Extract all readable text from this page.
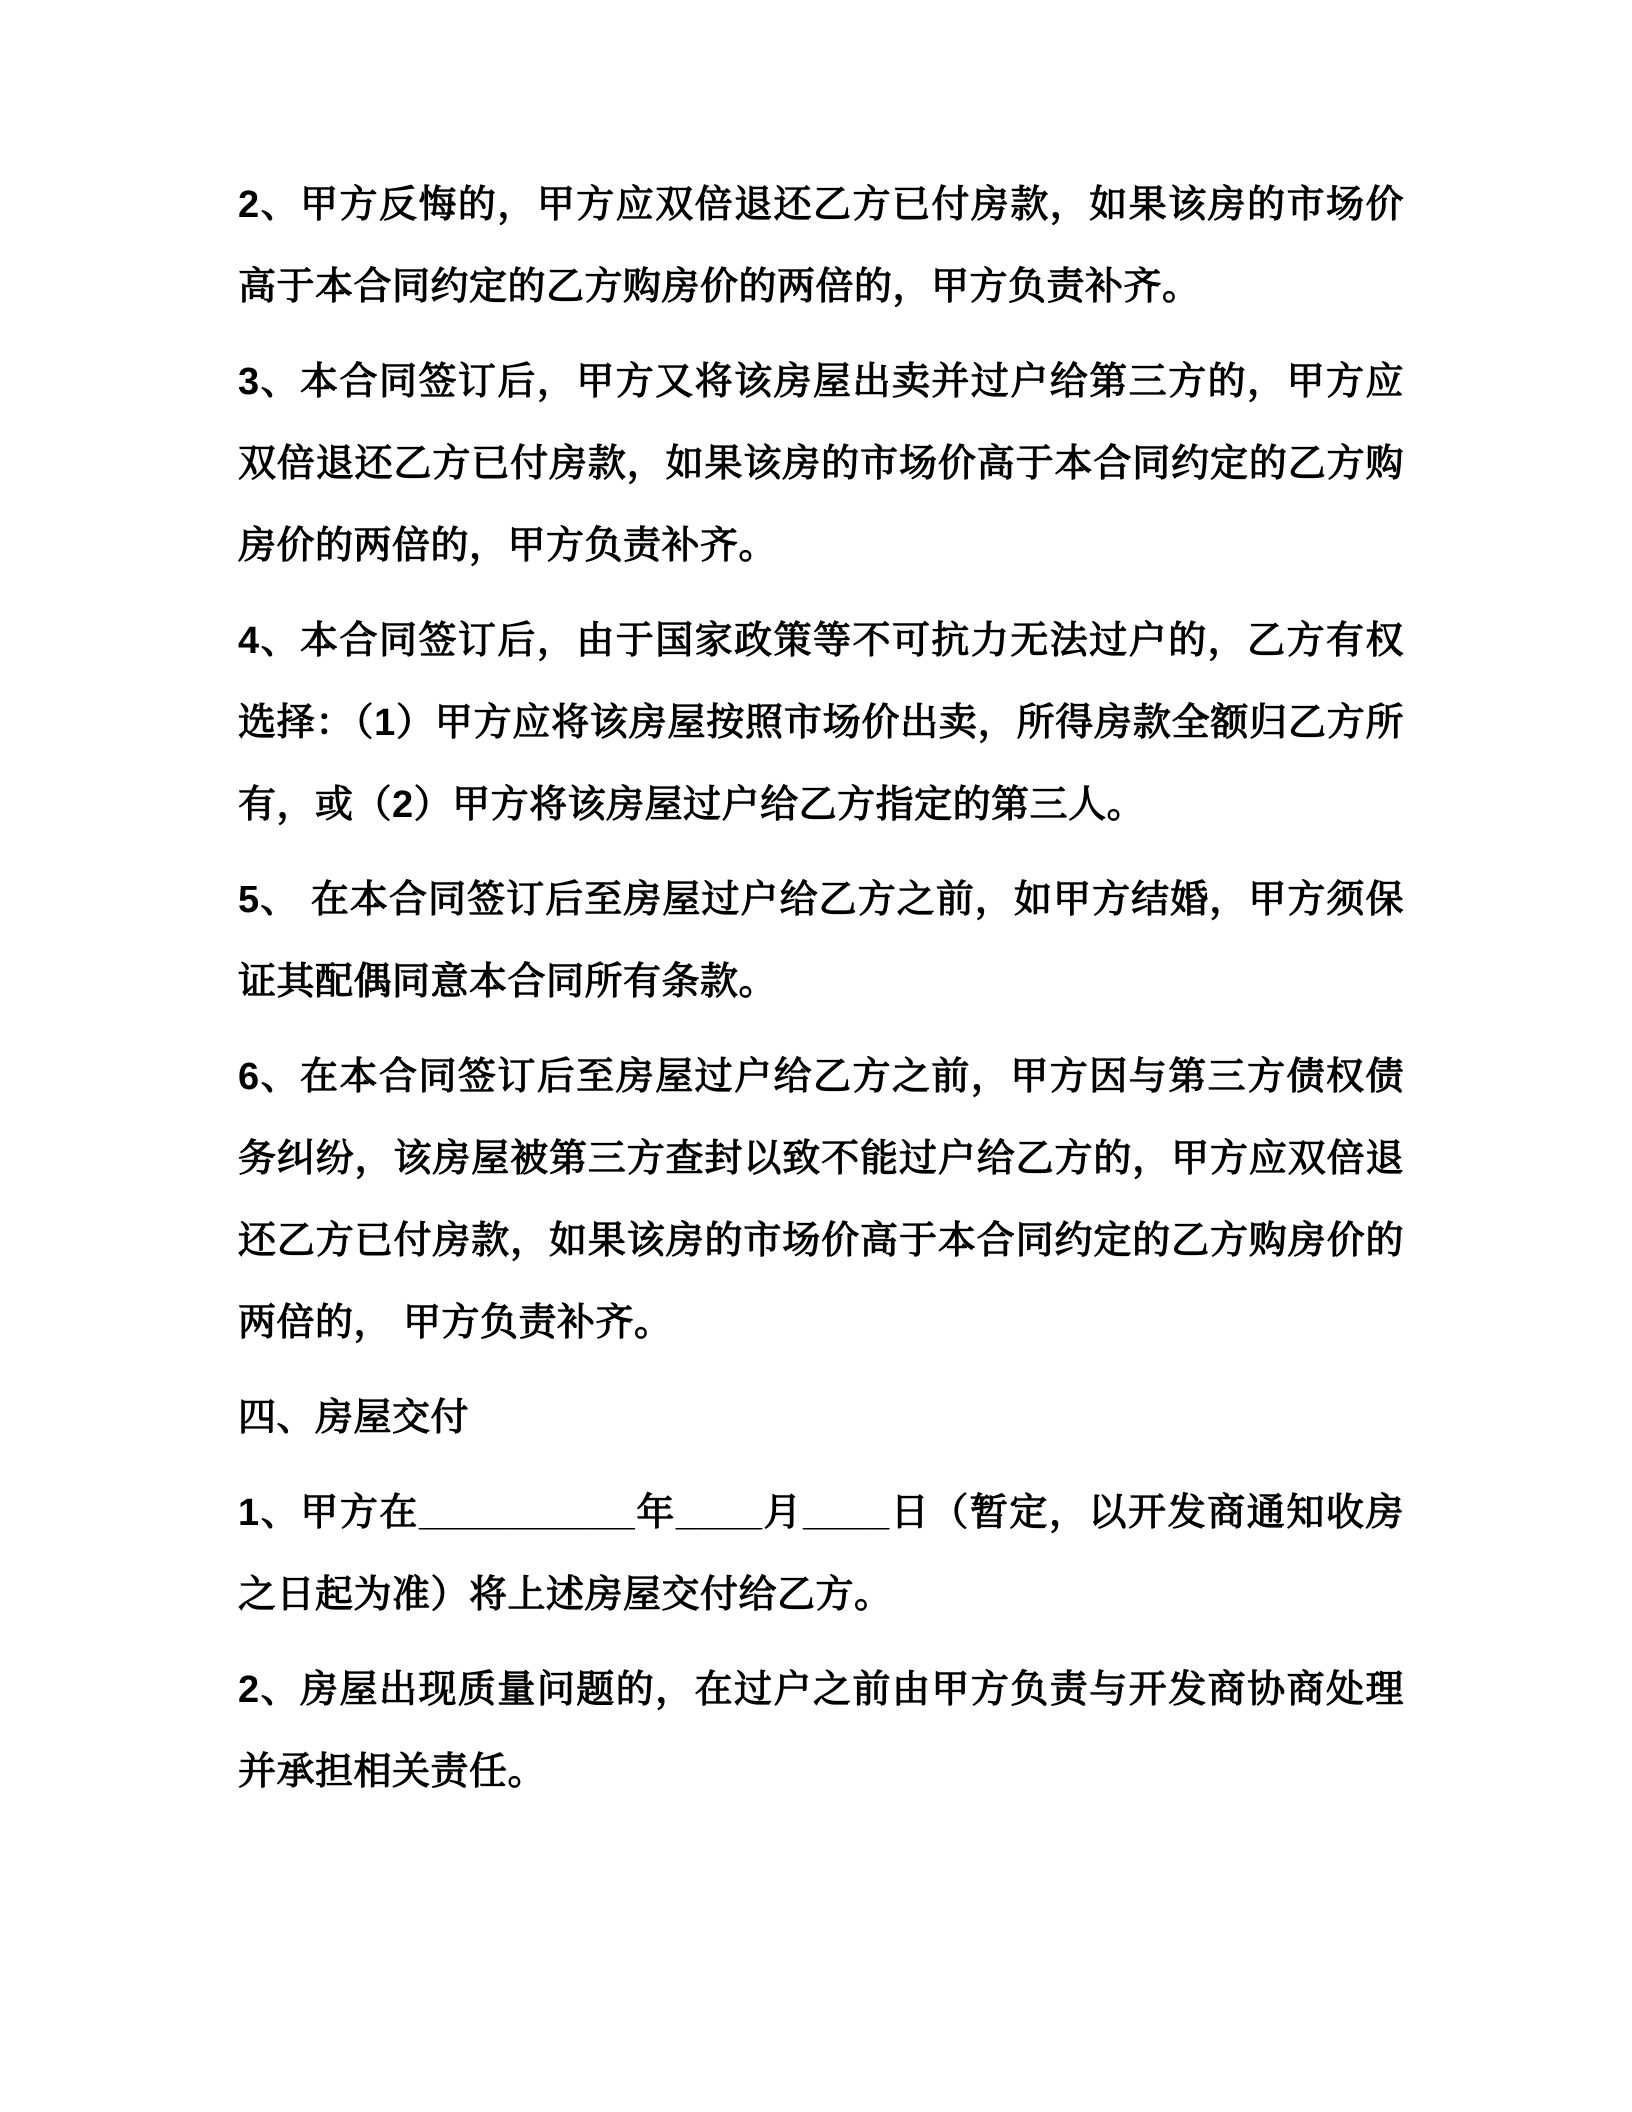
2、甲方反悔的，甲方应双倍退还乙方已付房款，如果该房的市场价高于本合同约定的乙方购房价的两倍的，甲方负责补齐。

3、本合同签订后，甲方又将该房屋出卖并过户给第三方的，甲方应双倍退还乙方已付房款，如果该房的市场价高于本合同约定的乙方购房价的两倍的，甲方负责补齐。

4、本合同签订后，由于国家政策等不可抗力无法过户的，乙方有权选择：（1）甲方应将该房屋按照市场价出卖，所得房款全额归乙方所有，或（2）甲方将该房屋过户给乙方指定的第三人。

5、 在本合同签订后至房屋过户给乙方之前，如甲方结婚，甲方须保证其配偶同意本合同所有条款。

6、在本合同签订后至房屋过户给乙方之前，甲方因与第三方债权债务纠纷，该房屋被第三方查封以致不能过户给乙方的，甲方应双倍退还乙方已付房款，如果该房的市场价高于本合同约定的乙方购房价的两倍的， 甲方负责补齐。

四、房屋交付

1、甲方在__________年____月____日（暂定，以开发商通知收房之日起为准）将上述房屋交付给乙方。

2、房屋出现质量问题的，在过户之前由甲方负责与开发商协商处理并承担相关责任。
